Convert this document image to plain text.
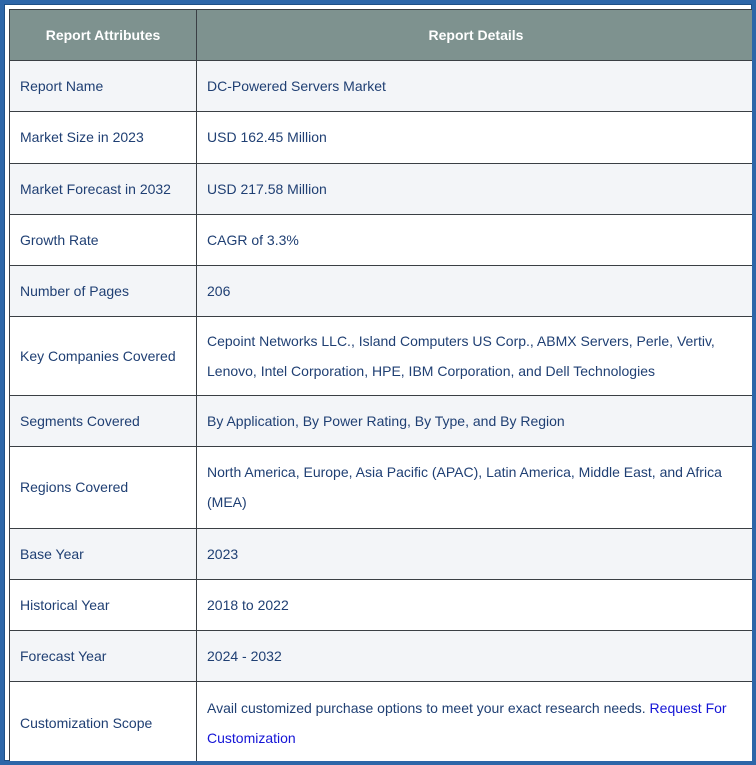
Report Attributes	Report Details
Report Name	DC-Powered Servers Market
Market Size in 2023	USD 162.45 Million
Market Forecast in 2032	USD 217.58 Million
Growth Rate	CAGR of 3.3%
Number of Pages	206
Key Companies Covered	Cepoint Networks LLC., Island Computers US Corp., ABMX Servers, Perle, Vertiv, Lenovo, Intel Corporation, HPE, IBM Corporation, and Dell Technologies
Segments Covered	By Application, By Power Rating, By Type, and By Region
Regions Covered	North America, Europe, Asia Pacific (APAC), Latin America, Middle East, and Africa (MEA)
Base Year	2023
Historical Year	2018 to 2022
Forecast Year	2024 - 2032
Customization Scope	Avail customized purchase options to meet your exact research needs. Request For Customization
